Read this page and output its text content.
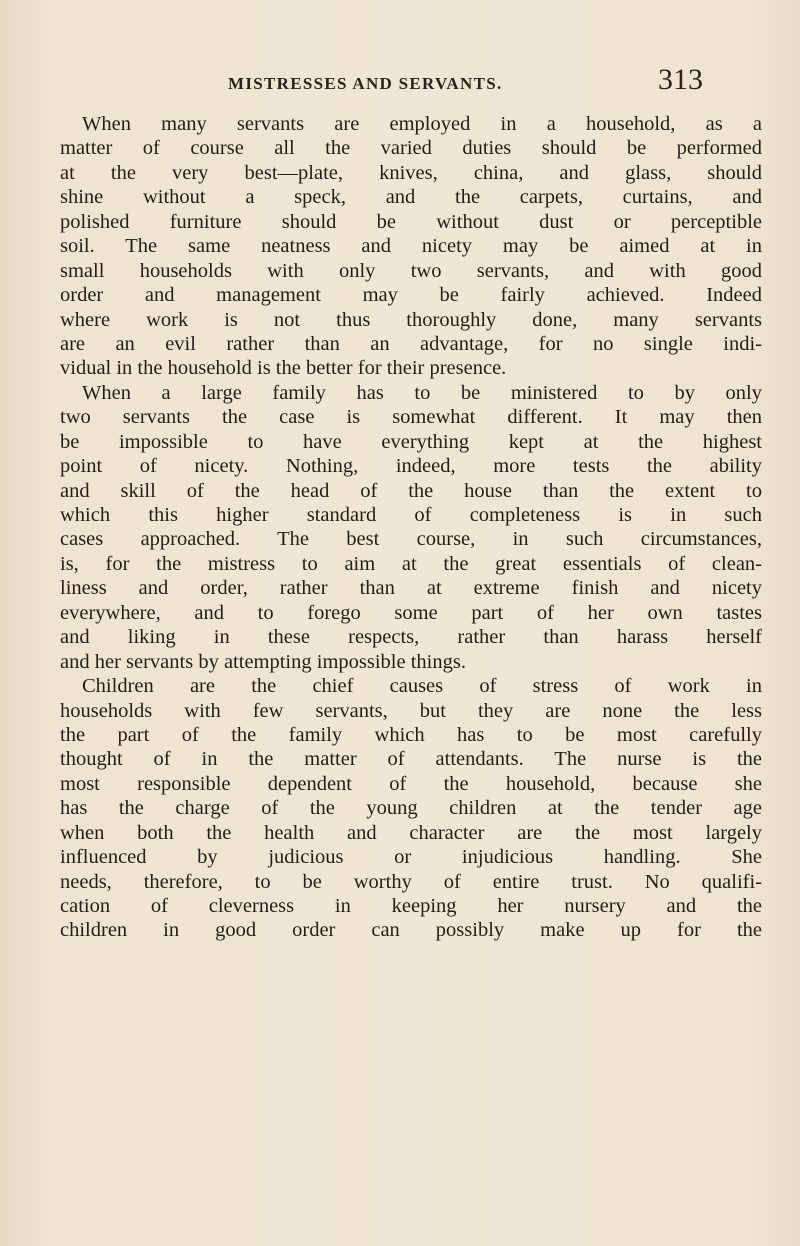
MISTRESSES AND SERVANTS.	313
When many servants are employed in a household, as a
matter of course all the varied duties should be performed
at the very best—plate, knives, china, and glass, should
shine without a speck, and the carpets, curtains, and
polished furniture should be without dust or perceptible
soil. The same neatness and nicety may be aimed at in
small households with only two servants, and with good
order and management may be fairly achieved. Indeed
where work is not thus thoroughly done, many servants
are an evil rather than an advantage, for no single indi-
vidual in the household is the better for their presence.
When a large family has to be ministered to by only
two servants the case is somewhat different. It may then
be impossible to have everything kept at the highest
point of nicety. Nothing, indeed, more tests the ability
and skill of the head of the house than the extent to
which this higher standard of completeness is in such
cases approached. The best course, in such circumstances,
is, for the mistress to aim at the great essentials of clean-
liness and order, rather than at extreme finish and nicety
everywhere, and to forego some part of her own tastes
and liking in these respects, rather than harass herself
and her servants by attempting impossible things.
Children are the chief causes of stress of work in
households with few servants, but they are none the less
the part of the family which has to be most carefully
thought of in the matter of attendants. The nurse is the
most responsible dependent of the household, because she
has the charge of the young children at the tender age
when both the health and character are the most largely
influenced by judicious or injudicious handling. She
needs, therefore, to be worthy of entire trust. No qualifi-
cation of cleverness in keeping her nursery and the
children in good order can possibly make up for the
